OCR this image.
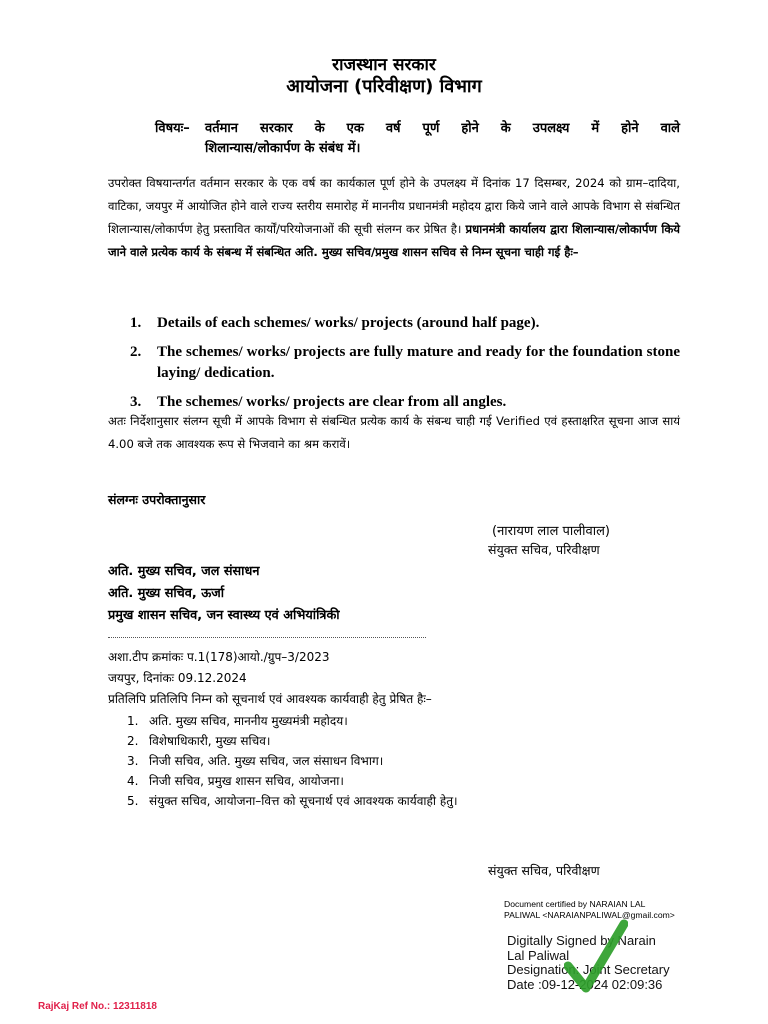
राजस्थान सरकार
आयोजना (परिवीक्षण) विभाग
विषयः– वर्तमान सरकार के एक वर्ष पूर्ण होने के उपलक्ष्य में होने वाले
शिलान्यास/लोकार्पण के संबंध में।
उपरोक्त विषयान्तर्गत वर्तमान सरकार के एक वर्ष का कार्यकाल पूर्ण होने के उपलक्ष्य में दिनांक 17 दिसम्बर, 2024 को ग्राम–दादिया, वाटिका, जयपुर में आयोजित होने वाले राज्य स्तरीय समारोह में माननीय प्रधानमंत्री महोदय द्वारा किये जाने वाले आपके विभाग से संबन्धित शिलान्यास/लोकार्पण हेतु प्रस्तावित कार्यों/परियोजनाओं की सूची संलग्न कर प्रेषित है। प्रधानमंत्री कार्यालय द्वारा शिलान्यास/लोकार्पण किये जाने वाले प्रत्येक कार्य के संबन्ध में संबन्धित अति. मुख्य सचिव/प्रमुख शासन सचिव से निम्न सूचना चाही गई हैः–
1.	Details of each schemes/ works/ projects (around half page).
2.	The schemes/ works/ projects are fully mature and ready for the foundation stone laying/ dedication.
3.	The schemes/ works/ projects are clear from all angles.
अतः निर्देशानुसार संलग्न सूची में आपके विभाग से संबन्धित प्रत्येक कार्य के संबन्ध चाही गई Verified एवं हस्ताक्षरित सूचना आज सायं 4.00 बजे तक आवश्यक रूप से भिजवाने का श्रम करावें।
संलग्नः उपरोक्तानुसार
(नारायण लाल पालीवाल)
संयुक्त सचिव, परिवीक्षण
अति. मुख्य सचिव, जल संसाधन
अति. मुख्य सचिव, ऊर्जा
प्रमुख शासन सचिव, जन स्वास्थ्य एवं अभियांत्रिकी
अशा.टीप क्रमांकः प.1(178)आयो./ग्रुप–3/2023
जयपुर, दिनांकः 09.12.2024
प्रतिलिपि प्रतिलिपि निम्न को सूचनार्थ एवं आवश्यक कार्यवाही हेतु प्रेषित हैः–
1. अति. मुख्य सचिव, माननीय मुख्यमंत्री महोदय।
2. विशेषाधिकारी, मुख्य सचिव।
3. निजी सचिव, अति. मुख्य सचिव, जल संसाधन विभाग।
4. निजी सचिव, प्रमुख शासन सचिव, आयोजना।
5. संयुक्त सचिव, आयोजना–वित्त को सूचनार्थ एवं आवश्यक कार्यवाही हेतु।
संयुक्त सचिव, परिवीक्षण
Document certified by NARAIAN LAL
PALIWAL <NARAIANPALIWAL@gmail.com>
Digitally Signed by Narain
Lal Paliwal
Designation: Joint Secretary
Date :09-12-2024 02:09:36
RajKaj Ref No.: 12311818
